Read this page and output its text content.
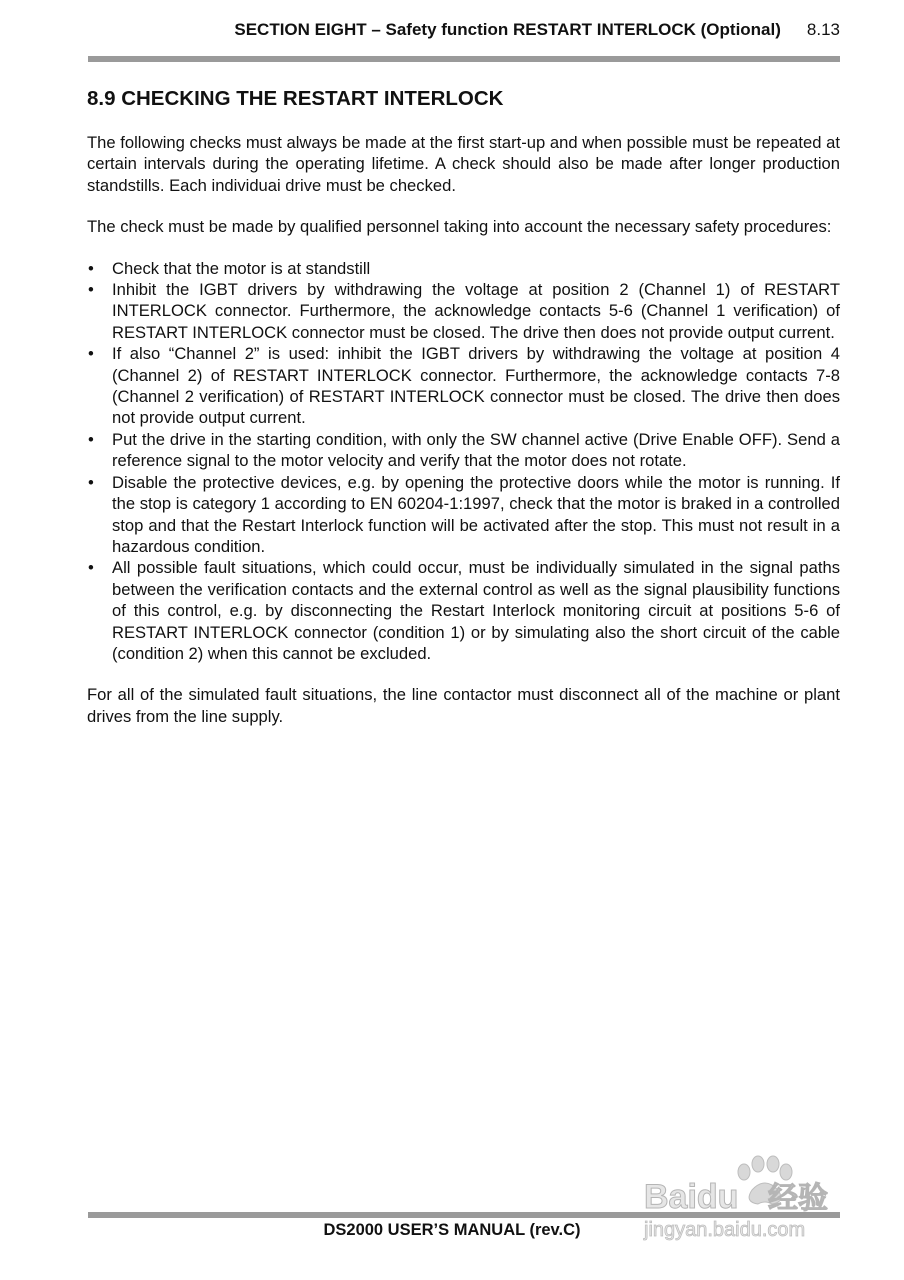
SECTION EIGHT – Safety function RESTART INTERLOCK (Optional) 8.13
8.9 CHECKING THE RESTART INTERLOCK

The following checks must always be made at the first start-up and when possible must be repeated at certain intervals during the operating lifetime. A check should also be made after longer production standstills. Each individuai drive must be checked.

The check must be made by qualified personnel taking into account the necessary safety procedures:

• Check that the motor is at standstill
• Inhibit the IGBT drivers by withdrawing the voltage at position 2 (Channel 1) of RESTART INTERLOCK connector. Furthermore, the acknowledge contacts 5-6 (Channel 1 verification) of RESTART INTERLOCK connector must be closed. The drive then does not provide output current.
• If also “Channel 2” is used: inhibit the IGBT drivers by withdrawing the voltage at position 4 (Channel 2) of RESTART INTERLOCK connector. Furthermore, the acknowledge contacts 7-8 (Channel 2 verification) of RESTART INTERLOCK connector must be closed. The drive then does not provide output current.
• Put the drive in the starting condition, with only the SW channel active (Drive Enable OFF). Send a reference signal to the motor velocity and verify that the motor does not rotate.
• Disable the protective devices, e.g. by opening the protective doors while the motor is running. If the stop is category 1 according to EN 60204-1:1997, check that the motor is braked in a controlled stop and that the Restart Interlock function will be activated after the stop. This must not result in a hazardous condition.
• All possible fault situations, which could occur, must be individually simulated in the signal paths between the verification contacts and the external control as well as the signal plausibility functions of this control, e.g. by disconnecting the Restart Interlock monitoring circuit at positions 5-6 of RESTART INTERLOCK connector (condition 1) or by simulating also the short circuit of the cable (condition 2) when this cannot be excluded.

For all of the simulated fault situations, the line contactor must disconnect all of the machine or plant drives from the line supply.

DS2000 USER’S MANUAL (rev.C)
Baidu 经验
jingyan.baidu.com
